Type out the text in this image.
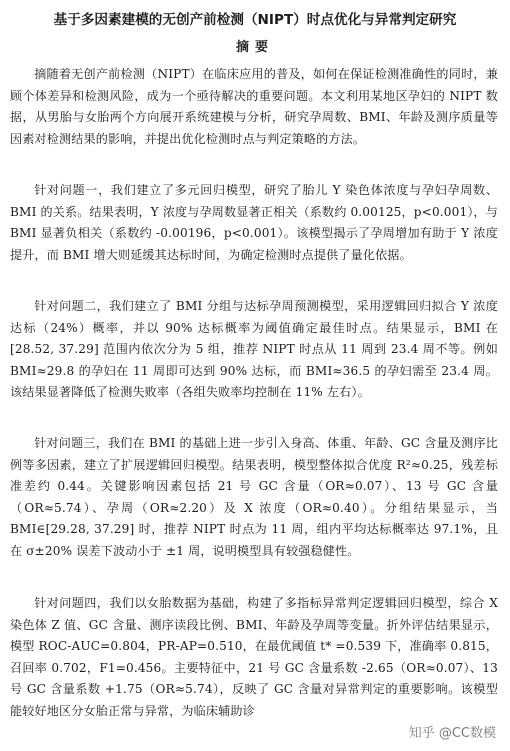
基于多因素建模的无创产前检测（NIPT）时点优化与异常判定研究
摘要

摘随着无创产前检测（NIPT）在临床应用的普及，如何在保证检测准确性的同时，兼顾个体差异和检测风险，成为一个亟待解决的重要问题。本文利用某地区孕妇的 NIPT 数据，从男胎与女胎两个方向展开系统建模与分析，研究孕周数、BMI、年龄及测序质量等因素对检测结果的影响，并提出优化检测时点与判定策略的方法。

针对问题一，我们建立了多元回归模型，研究了胎儿 Y 染色体浓度与孕妇孕周数、BMI 的关系。结果表明，Y 浓度与孕周数显著正相关（系数约 0.00125，p<0.001），与 BMI 显著负相关（系数约 -0.00196，p<0.001）。该模型揭示了孕周增加有助于 Y 浓度提升，而 BMI 增大则延缓其达标时间，为确定检测时点提供了量化依据。

针对问题二，我们建立了 BMI 分组与达标孕周预测模型，采用逻辑回归拟合 Y 浓度达标（24%）概率，并以 90% 达标概率为阈值确定最佳时点。结果显示，BMI 在 [28.52, 37.29] 范围内依次分为 5 组，推荐 NIPT 时点从 11 周到 23.4 周不等。例如 BMI≈29.8 的孕妇在 11 周即可达到 90% 达标，而 BMI≈36.5 的孕妇需至 23.4 周。该结果显著降低了检测失败率（各组失败率均控制在 11% 左右）。

针对问题三，我们在 BMI 的基础上进一步引入身高、体重、年龄、GC 含量及测序比例等多因素，建立了扩展逻辑回归模型。结果表明，模型整体拟合优度 R²≈0.25，残差标准差约 0.44。关键影响因素包括 21 号 GC 含量（OR≈0.07）、13 号 GC 含量（OR≈5.74）、孕周（OR≈2.20）及 X 浓度（OR≈0.40）。分组结果显示，当 BMI∈[29.28, 37.29] 时，推荐 NIPT 时点为 11 周，组内平均达标概率达 97.1%，且在 σ±20% 误差下波动小于 ±1 周，说明模型具有较强稳健性。

针对问题四，我们以女胎数据为基础，构建了多指标异常判定逻辑回归模型，综合 X 染色体 Z 值、GC 含量、测序读段比例、BMI、年龄及孕周等变量。折外评估结果显示，模型 ROC-AUC=0.804，PR-AP=0.510，在最优阈值 t* =0.539 下，准确率 0.815，召回率 0.702，F1=0.456。主要特征中，21 号 GC 含量系数 -2.65（OR≈0.07）、13 号 GC 含量系数 +1.75（OR≈5.74），反映了 GC 含量对异常判定的重要影响。该模型能较好地区分女胎正常与异常，为临床辅助诊

知乎 @CC数模
